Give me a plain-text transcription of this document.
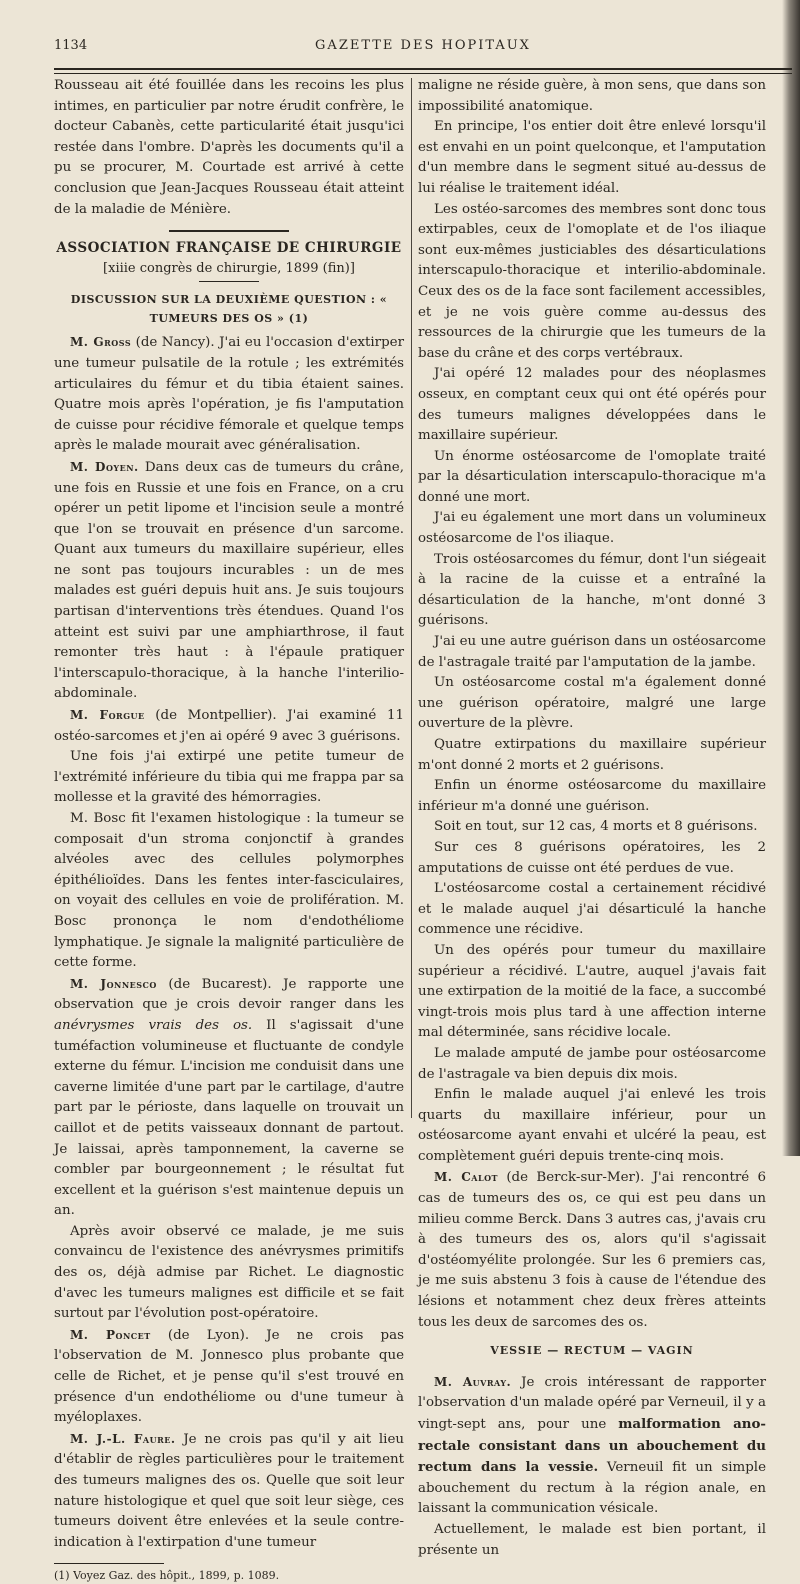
1134	GAZETTE DES HOPITAUX

Rousseau ait été fouillée dans les recoins les plus intimes, en particulier par notre érudit confrère, le docteur Cabanès, cette particularité était jusqu'ici restée dans l'ombre. D'après les documents qu'il a pu se procurer, M. Courtade est arrivé à cette conclusion que Jean-Jacques Rousseau était atteint de la maladie de Ménière.

ASSOCIATION FRANÇAISE DE CHIRURGIE
[xiiie congrès de chirurgie, 1899 (fin)]
DISCUSSION SUR LA DEUXIÈME QUESTION : « TUMEURS DES OS » (1)

M. Gross (de Nancy). J'ai eu l'occasion d'extirper une tumeur pulsatile de la rotule ; les extrémités articulaires du fémur et du tibia étaient saines. Quatre mois après l'opération, je fis l'amputation de cuisse pour récidive fémorale et quelque temps après le malade mourait avec généralisation.

M. Doyen. Dans deux cas de tumeurs du crâne, une fois en Russie et une fois en France, on a cru opérer un petit lipome et l'incision seule a montré que l'on se trouvait en présence d'un sarcome. Quant aux tumeurs du maxillaire supérieur, elles ne sont pas toujours incurables : un de mes malades est guéri depuis huit ans. Je suis toujours partisan d'interventions très étendues. Quand l'os atteint est suivi par une amphiarthrose, il faut remonter très haut : à l'épaule pratiquer l'interscapulo-thoracique, à la hanche l'interilio-abdominale.

M. Forgue (de Montpellier). J'ai examiné 11 ostéo-sarcomes et j'en ai opéré 9 avec 3 guérisons.

Une fois j'ai extirpé une petite tumeur de l'extrémité inférieure du tibia qui me frappa par sa mollesse et la gravité des hémorragies.

M. Bosc fit l'examen histologique : la tumeur se composait d'un stroma conjonctif à grandes alvéoles avec des cellules polymorphes épithélioïdes. Dans les fentes inter-fasciculaires, on voyait des cellules en voie de prolifération. M. Bosc prononça le nom d'endothéliome lymphatique. Je signale la malignité particulière de cette forme.

M. Jonnesco (de Bucarest). Je rapporte une observation que je crois devoir ranger dans les anévrysmes vrais des os. Il s'agissait d'une tuméfaction volumineuse et fluctuante de condyle externe du fémur. L'incision me conduisit dans une caverne limitée d'une part par le cartilage, d'autre part par le périoste, dans laquelle on trouvait un caillot et de petits vaisseaux donnant de partout. Je laissai, après tamponnement, la caverne se combler par bourgeonnement ; le résultat fut excellent et la guérison s'est maintenue depuis un an.

Après avoir observé ce malade, je me suis convaincu de l'existence des anévrysmes primitifs des os, déjà admise par Richet. Le diagnostic d'avec les tumeurs malignes est difficile et se fait surtout par l'évolution post-opératoire.

M. Poncet (de Lyon). Je ne crois pas l'observation de M. Jonnesco plus probante que celle de Richet, et je pense qu'il s'est trouvé en présence d'un endothéliome ou d'une tumeur à myéloplaxes.

M. J.-L. Faure. Je ne crois pas qu'il y ait lieu d'établir de règles particulières pour le traitement des tumeurs malignes des os. Quelle que soit leur nature histologique et quel que soit leur siège, ces tumeurs doivent être enlevées et la seule contre-indication à l'extirpation d'une tumeur

(1) Voyez Gaz. des hôpit., 1899, p. 1089.

maligne ne réside guère, à mon sens, que dans son impossibilité anatomique.

En principe, l'os entier doit être enlevé lorsqu'il est envahi en un point quelconque, et l'amputation d'un membre dans le segment situé au-dessus de lui réalise le traitement idéal.

Les ostéo-sarcomes des membres sont donc tous extirpables, ceux de l'omoplate et de l'os iliaque sont eux-mêmes justiciables des désarticulations interscapulo-thoracique et interilio-abdominale. Ceux des os de la face sont facilement accessibles, et je ne vois guère comme au-dessus des ressources de la chirurgie que les tumeurs de la base du crâne et des corps vertébraux.

J'ai opéré 12 malades pour des néoplasmes osseux, en comptant ceux qui ont été opérés pour des tumeurs malignes développées dans le maxillaire supérieur.

Un énorme ostéosarcome de l'omoplate traité par la désarticulation interscapulo-thoracique m'a donné une mort.

J'ai eu également une mort dans un volumineux ostéosarcome de l'os iliaque.

Trois ostéosarcomes du fémur, dont l'un siégeait à la racine de la cuisse et a entraîné la désarticulation de la hanche, m'ont donné 3 guérisons.

J'ai eu une autre guérison dans un ostéosarcome de l'astragale traité par l'amputation de la jambe.

Un ostéosarcome costal m'a également donné une guérison opératoire, malgré une large ouverture de la plèvre.

Quatre extirpations du maxillaire supérieur m'ont donné 2 morts et 2 guérisons.

Enfin un énorme ostéosarcome du maxillaire inférieur m'a donné une guérison.

Soit en tout, sur 12 cas, 4 morts et 8 guérisons.

Sur ces 8 guérisons opératoires, les 2 amputations de cuisse ont été perdues de vue.

L'ostéosarcome costal a certainement récidivé et le malade auquel j'ai désarticulé la hanche commence une récidive.

Un des opérés pour tumeur du maxillaire supérieur a récidivé. L'autre, auquel j'avais fait une extirpation de la moitié de la face, a succombé vingt-trois mois plus tard à une affection interne mal déterminée, sans récidive locale.

Le malade amputé de jambe pour ostéosarcome de l'astragale va bien depuis dix mois.

Enfin le malade auquel j'ai enlevé les trois quarts du maxillaire inférieur, pour un ostéosarcome ayant envahi et ulcéré la peau, est complètement guéri depuis trente-cinq mois.

M. Calot (de Berck-sur-Mer). J'ai rencontré 6 cas de tumeurs des os, ce qui est peu dans un milieu comme Berck. Dans 3 autres cas, j'avais cru à des tumeurs des os, alors qu'il s'agissait d'ostéomyélite prolongée. Sur les 6 premiers cas, je me suis abstenu 3 fois à cause de l'étendue des lésions et notamment chez deux frères atteints tous les deux de sarcomes des os.

VESSIE — RECTUM — VAGIN

M. Auvray. Je crois intéressant de rapporter l'observation d'un malade opéré par Verneuil, il y a vingt-sept ans, pour une malformation ano-rectale consistant dans un abouchement du rectum dans la vessie. Verneuil fit un simple abouchement du rectum à la région anale, en laissant la communication vésicale.

Actuellement, le malade est bien portant, il présente un
